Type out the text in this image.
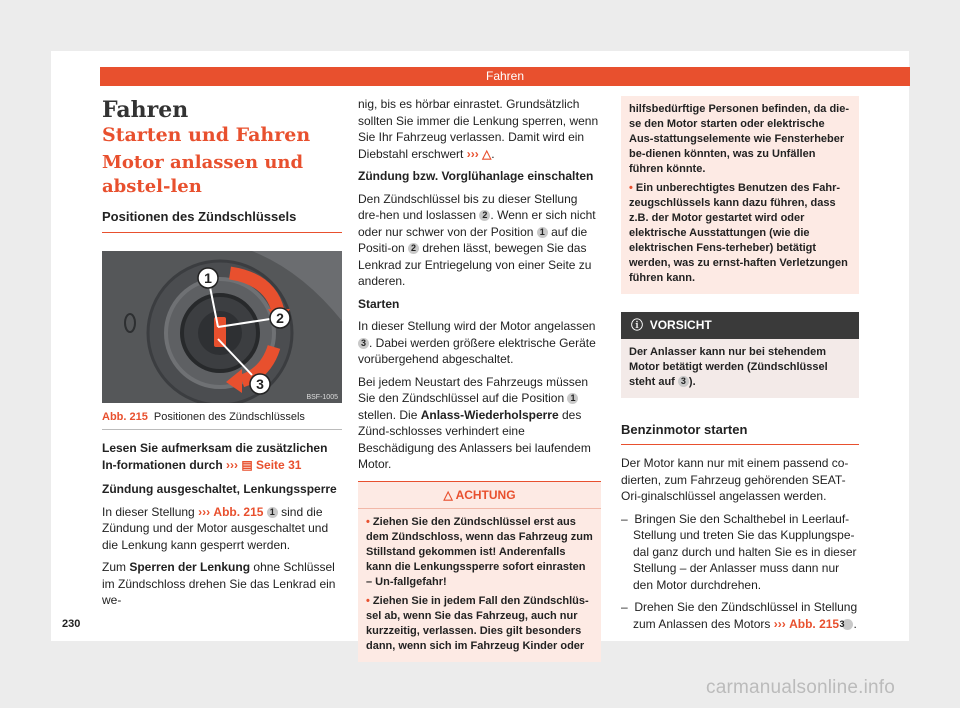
Fahren
Fahren
Starten und Fahren
Motor anlassen und abstel-len
Positionen des Zündschlüssels
1
2
3
BSF-1005
Abb. 215 Positionen des Zündschlüssels

Lesen Sie aufmerksam die zusätzlichen In-formationen durch ››› ▤ Seite 31

Zündung ausgeschaltet, Lenkungssperre

In dieser Stellung ››› Abb. 215 1 sind die Zündung und der Motor ausgeschaltet und die Lenkung kann gesperrt werden.

Zum Sperren der Lenkung ohne Schlüssel im Zündschloss drehen Sie das Lenkrad ein we-

nig, bis es hörbar einrastet. Grundsätzlich sollten Sie immer die Lenkung sperren, wenn Sie Ihr Fahrzeug verlassen. Damit wird ein Diebstahl erschwert ››› △.

Zündung bzw. Vorglühanlage einschalten

Den Zündschlüssel bis zu dieser Stellung dre-hen und loslassen 2 . Wenn er sich nicht oder nur schwer von der Position 1 auf die Positi-on 2 drehen lässt, bewegen Sie das Lenkrad zur Entriegelung von einer Seite zu anderen.

Starten

In dieser Stellung wird der Motor angelassen 3 . Dabei werden größere elektrische Geräte vorübergehend abgeschaltet.

Bei jedem Neustart des Fahrzeugs müssen Sie den Zündschlüssel auf die Position 1 stellen. Die Anlass-Wiederholsperre des Zünd-schlosses verhindert eine Beschädigung des Anlassers bei laufendem Motor.

△ ACHTUNG

• Ziehen Sie den Zündschlüssel erst aus dem Zündschloss, wenn das Fahrzeug zum Stillstand gekommen ist! Anderenfalls kann die Lenkungssperre sofort einrasten – Un-fallgefahr!

• Ziehen Sie in jedem Fall den Zündschlüs-sel ab, wenn Sie das Fahrzeug, auch nur kurzzeitig, verlassen. Dies gilt besonders dann, wenn sich im Fahrzeug Kinder oder

hilfsbedürftige Personen befinden, da die-se den Motor starten oder elektrische Aus-stattungselemente wie Fensterheber be-dienen könnten, was zu Unfällen führen könnte.

• Ein unberechtigtes Benutzen des Fahr-zeugschlüssels kann dazu führen, dass z.B. der Motor gestartet wird oder elektrische Ausstattungen (wie die elektrischen Fens-terheber) betätigt werden, was zu ernst-haften Verletzungen führen kann.

ⓘ VORSICHT
Der Anlasser kann nur bei stehendem Motor betätigt werden (Zündschlüssel steht auf 3 ).
Benzinmotor starten

Der Motor kann nur mit einem passend co-dierten, zum Fahrzeug gehörenden SEAT-Ori-ginalschlüssel angelassen werden.

–  Bringen Sie den Schalthebel in Leerlauf-Stellung und treten Sie das Kupplungspe-dal ganz durch und halten Sie es in dieser Stellung – der Anlasser muss dann nur den Motor durchdrehen.

–  Drehen Sie den Zündschlüssel in Stellung zum Anlassen des Motors ››› Abb. 215 3 .

230
carmanualsonline.info
